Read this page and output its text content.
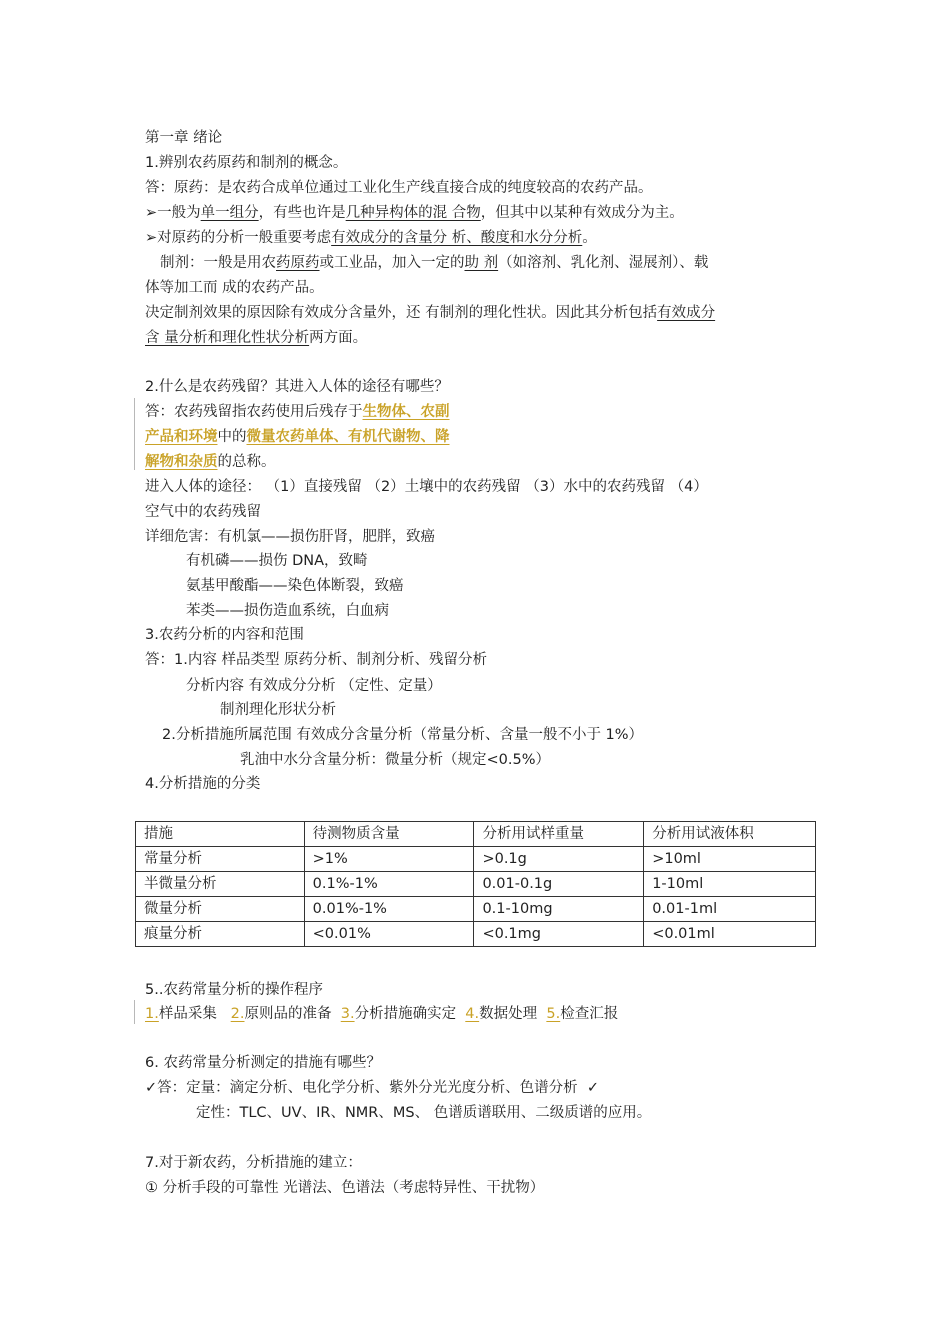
第一章 绪论
1.辨别农药原药和制剂的概念。
答：原药：是农药合成单位通过工业化生产线直接合成的纯度较高的农药产品。
➢一般为单一组分，有些也许是几种异构体的混 合物，但其中以某种有效成分为主。
➢对原药的分析一般重要考虑有效成分的含量分 析、酸度和水分分析。
制剂：一般是用农药原药或工业品，加入一定的助 剂（如溶剂、乳化剂、湿展剂）、载
体等加工而 成的农药产品。
决定制剂效果的原因除有效成分含量外，还 有制剂的理化性状。因此其分析包括有效成分
含 量分析和理化性状分析两方面。
2.什么是农药残留？其进入人体的途径有哪些？
答：农药残留指农药使用后残存于生物体、农副
产品和环境中的微量农药单体、有机代谢物、降
解物和杂质的总称。
进入人体的途径： （1）直接残留 （2）土壤中的农药残留 （3）水中的农药残留 （4）
空气中的农药残留
详细危害：有机氯——损伤肝肾，肥胖，致癌
有机磷——损伤 DNA，致畸
氨基甲酸酯——染色体断裂，致癌
苯类——损伤造血系统，白血病
3.农药分析的内容和范围
答：1.内容 样品类型 原药分析、制剂分析、残留分析
分析内容 有效成分分析 （定性、定量）
制剂理化形状分析
2.分析措施所属范围 有效成分含量分析（常量分析、含量一般不小于 1%）
乳油中水分含量分析：微量分析（规定<0.5%）
4.分析措施的分类
措施	待测物质含量	分析用试样重量	分析用试液体积
常量分析	>1%	>0.1g	>10ml
半微量分析	0.1%-1%	0.01-0.1g	1-10ml
微量分析	0.01%-1%	0.1-10mg	0.01-1ml
痕量分析	<0.01%	<0.1mg	<0.01ml
5..农药常量分析的操作程序
1.样品采集 2.原则品的准备 3.分析措施确实定 4.数据处理 5.检查汇报
6. 农药常量分析测定的措施有哪些？
✓答：定量：滴定分析、电化学分析、紫外分光光度分析、色谱分析 ✓
定性：TLC、UV、IR、NMR、MS、 色谱质谱联用、二级质谱的应用。
7.对于新农药，分析措施的建立：
① 分析手段的可靠性 光谱法、色谱法（考虑特异性、干扰物）
